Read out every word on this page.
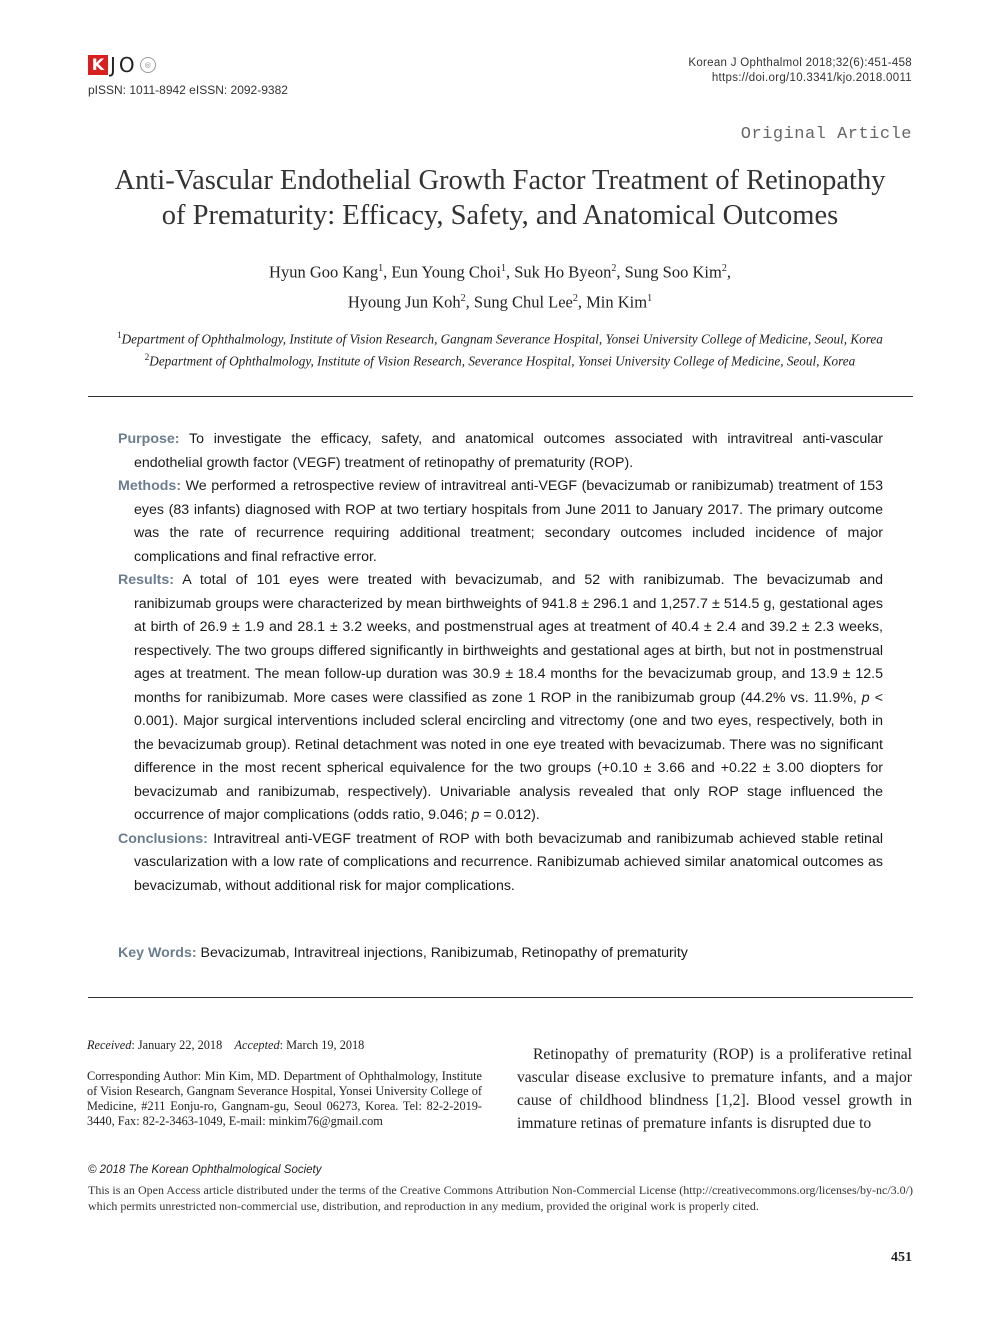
K JO ◎
pISSN: 1011-8942 eISSN: 2092-9382
Korean J Ophthalmol 2018;32(6):451-458
https://doi.org/10.3341/kjo.2018.0011
Original Article
Anti-Vascular Endothelial Growth Factor Treatment of Retinopathy
of Prematurity: Efficacy, Safety, and Anatomical Outcomes
Hyun Goo Kang$^1$, Eun Young Choi$^1$, Suk Ho Byeon$^2$, Sung Soo Kim$^2$,
Hyoung Jun Koh$^2$, Sung Chul Lee$^2$, Min Kim$^1$
$^1$Department of Ophthalmology, Institute of Vision Research, Gangnam Severance Hospital, Yonsei University College of Medicine, Seoul, Korea
$^2$Department of Ophthalmology, Institute of Vision Research, Severance Hospital, Yonsei University College of Medicine, Seoul, Korea

Purpose: To investigate the efficacy, safety, and anatomical outcomes associated with intravitreal anti-vascular endothelial growth factor (VEGF) treatment of retinopathy of prematurity (ROP).

Methods: We performed a retrospective review of intravitreal anti-VEGF (bevacizumab or ranibizumab) treatment of 153 eyes (83 infants) diagnosed with ROP at two tertiary hospitals from June 2011 to January 2017. The primary outcome was the rate of recurrence requiring additional treatment; secondary outcomes included incidence of major complications and final refractive error.

Results: A total of 101 eyes were treated with bevacizumab, and 52 with ranibizumab. The bevacizumab and ranibizumab groups were characterized by mean birthweights of 941.8 ± 296.1 and 1,257.7 ± 514.5 g, gestational ages at birth of 26.9 ± 1.9 and 28.1 ± 3.2 weeks, and postmenstrual ages at treatment of 40.4 ± 2.4 and 39.2 ± 2.3 weeks, respectively. The two groups differed significantly in birthweights and gestational ages at birth, but not in postmenstrual ages at treatment. The mean follow-up duration was 30.9 ± 18.4 months for the bevacizumab group, and 13.9 ± 12.5 months for ranibizumab. More cases were classified as zone 1 ROP in the ranibizumab group (44.2% vs. 11.9%, p < 0.001). Major surgical interventions included scleral encircling and vitrectomy (one and two eyes, respectively, both in the bevacizumab group). Retinal detachment was noted in one eye treated with bevacizumab. There was no significant difference in the most recent spherical equivalence for the two groups (+0.10 ± 3.66 and +0.22 ± 3.00 diopters for bevacizumab and ranibizumab, respectively). Univariable analysis revealed that only ROP stage influenced the occurrence of major complications (odds ratio, 9.046; p = 0.012).

Conclusions: Intravitreal anti-VEGF treatment of ROP with both bevacizumab and ranibizumab achieved stable retinal vascularization with a low rate of complications and recurrence. Ranibizumab achieved similar anatomical outcomes as bevacizumab, without additional risk for major complications.

Key Words: Bevacizumab, Intravitreal injections, Ranibizumab, Retinopathy of prematurity
Received: January 22, 2018 Accepted: March 19, 2018
Corresponding Author: Min Kim, MD. Department of Ophthalmology, Institute of Vision Research, Gangnam Severance Hospital, Yonsei University College of Medicine, #211 Eonju-ro, Gangnam-gu, Seoul 06273, Korea. Tel: 82-2-2019-3440, Fax: 82-2-3463-1049, E-mail: minkim76@gmail.com

Retinopathy of prematurity (ROP) is a proliferative retinal vascular disease exclusive to premature infants, and a major cause of childhood blindness [1,2]. Blood vessel growth in immature retinas of premature infants is disrupted due to

© 2018 The Korean Ophthalmological Society
This is an Open Access article distributed under the terms of the Creative Commons Attribution Non-Commercial License (http://creativecommons.org/licenses/by-nc/3.0/) which permits unrestricted non-commercial use, distribution, and reproduction in any medium, provided the original work is properly cited.
451
